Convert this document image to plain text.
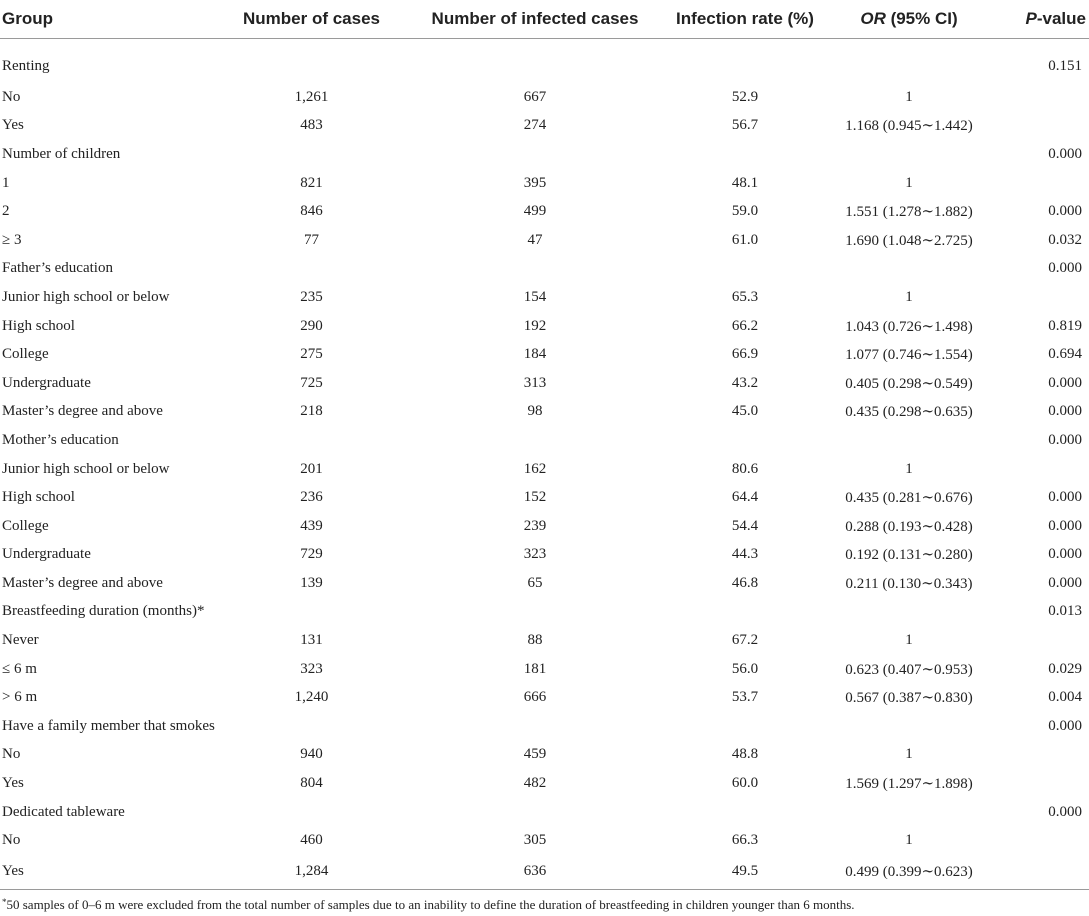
Group	Number of cases	Number of infected cases	Infection rate (%)	OR (95% CI)	P-value
Renting					0.151
No	1,261	667	52.9	1	
Yes	483	274	56.7	1.168 (0.945∼1.442)	
Number of children					0.000
1	821	395	48.1	1	
2	846	499	59.0	1.551 (1.278∼1.882)	0.000
≥ 3	77	47	61.0	1.690 (1.048∼2.725)	0.032
Father’s education					0.000
Junior high school or below	235	154	65.3	1	
High school	290	192	66.2	1.043 (0.726∼1.498)	0.819
College	275	184	66.9	1.077 (0.746∼1.554)	0.694
Undergraduate	725	313	43.2	0.405 (0.298∼0.549)	0.000
Master’s degree and above	218	98	45.0	0.435 (0.298∼0.635)	0.000
Mother’s education					0.000
Junior high school or below	201	162	80.6	1	
High school	236	152	64.4	0.435 (0.281∼0.676)	0.000
College	439	239	54.4	0.288 (0.193∼0.428)	0.000
Undergraduate	729	323	44.3	0.192 (0.131∼0.280)	0.000
Master’s degree and above	139	65	46.8	0.211 (0.130∼0.343)	0.000
Breastfeeding duration (months)*					0.013
Never	131	88	67.2	1	
≤ 6 m	323	181	56.0	0.623 (0.407∼0.953)	0.029
> 6 m	1,240	666	53.7	0.567 (0.387∼0.830)	0.004
Have a family member that smokes					0.000
No	940	459	48.8	1	
Yes	804	482	60.0	1.569 (1.297∼1.898)	
Dedicated tableware					0.000
No	460	305	66.3	1	
Yes	1,284	636	49.5	0.499 (0.399∼0.623)	
*50 samples of 0–6 m were excluded from the total number of samples due to an inability to define the duration of breastfeeding in children younger than 6 months.
